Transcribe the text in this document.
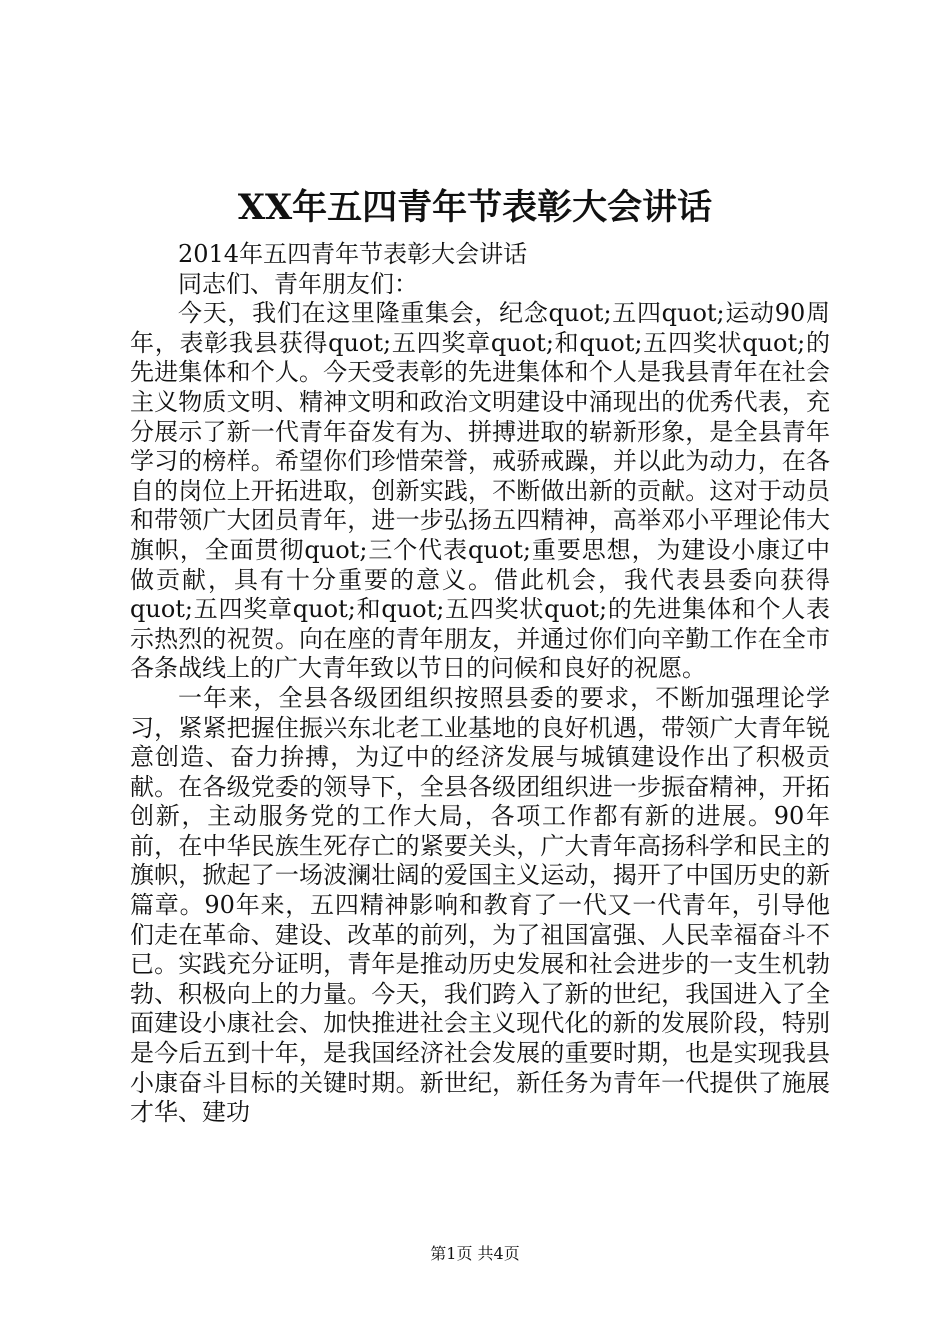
XX年五四青年节表彰大会讲话

2014年五四青年节表彰大会讲话

同志们、青年朋友们：

今天，我们在这里隆重集会，纪念quot;五四quot;运动90周年，表彰我县获得quot;五四奖章quot;和quot;五四奖状quot;的先进集体和个人。今天受表彰的先进集体和个人是我县青年在社会主义物质文明、精神文明和政治文明建设中涌现出的优秀代表，充分展示了新一代青年奋发有为、拼搏进取的崭新形象，是全县青年学习的榜样。希望你们珍惜荣誉，戒骄戒躁，并以此为动力，在各自的岗位上开拓进取，创新实践，不断做出新的贡献。这对于动员和带领广大团员青年，进一步弘扬五四精神，高举邓小平理论伟大旗帜，全面贯彻quot;三个代表quot;重要思想，为建设小康辽中做贡献，具有十分重要的意义。借此机会，我代表县委向获得quot;五四奖章quot;和quot;五四奖状quot;的先进集体和个人表示热烈的祝贺。向在座的青年朋友，并通过你们向辛勤工作在全市各条战线上的广大青年致以节日的问候和良好的祝愿。

一年来，全县各级团组织按照县委的要求，不断加强理论学习，紧紧把握住振兴东北老工业基地的良好机遇，带领广大青年锐意创造、奋力拚搏，为辽中的经济发展与城镇建设作出了积极贡献。在各级党委的领导下，全县各级团组织进一步振奋精神，开拓创新，主动服务党的工作大局，各项工作都有新的进展。90年前，在中华民族生死存亡的紧要关头，广大青年高扬科学和民主的旗帜，掀起了一场波澜壮阔的爱国主义运动，揭开了中国历史的新篇章。90年来，五四精神影响和教育了一代又一代青年，引导他们走在革命、建设、改革的前列，为了祖国富强、人民幸福奋斗不已。实践充分证明，青年是推动历史发展和社会进步的一支生机勃勃、积极向上的力量。今天，我们跨入了新的世纪，我国进入了全面建设小康社会、加快推进社会主义现代化的新的发展阶段，特别是今后五到十年，是我国经济社会发展的重要时期，也是实现我县小康奋斗目标的关键时期。新世纪，新任务为青年一代提供了施展才华、建功

第1页 共4页
